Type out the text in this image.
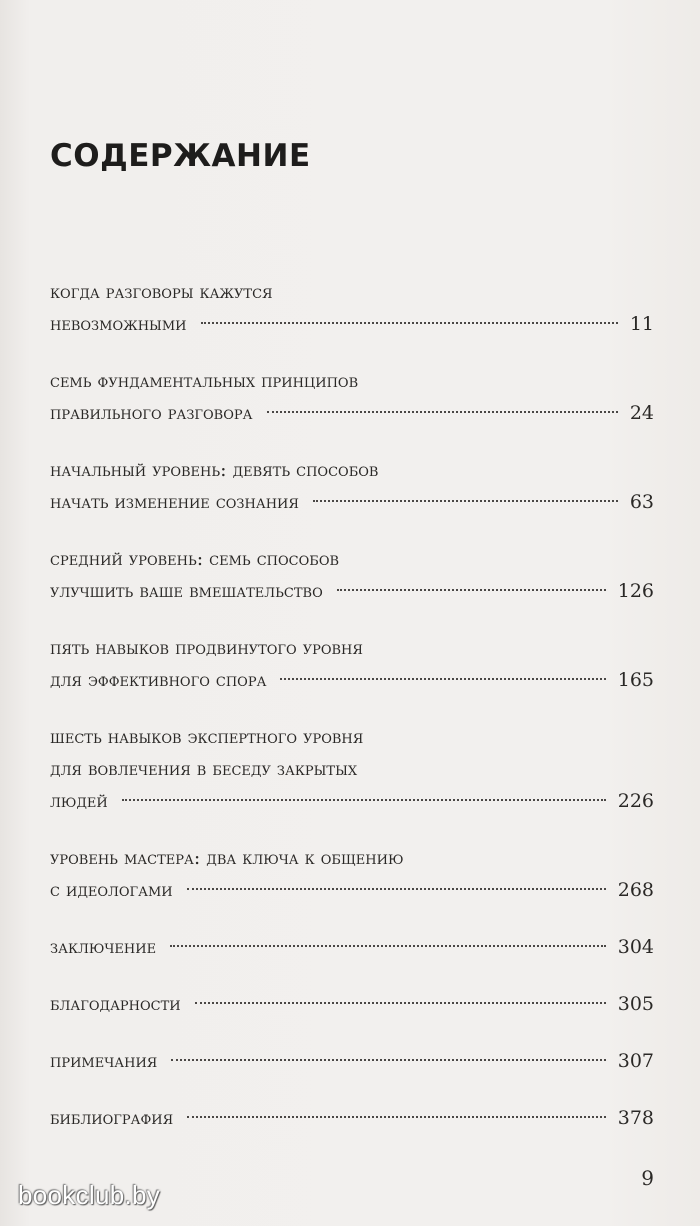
СОДЕРЖАНИЕ
когда разговоры кажутся
невозможными	11
семь фундаментальных принципов
правильного разговора	24
начальный уровень: девять способов
начать изменение сознания	63
средний уровень: семь способов
улучшить ваше вмешательство	126
пять навыков продвинутого уровня
для эффективного спора	165
шесть навыков экспертного уровня
для вовлечения в беседу закрытых
людей	226
уровень мастера: два ключа к общению
с идеологами	268
заключение	304
благодарности	305
примечания	307
библиография	378
9
bookclub.by
